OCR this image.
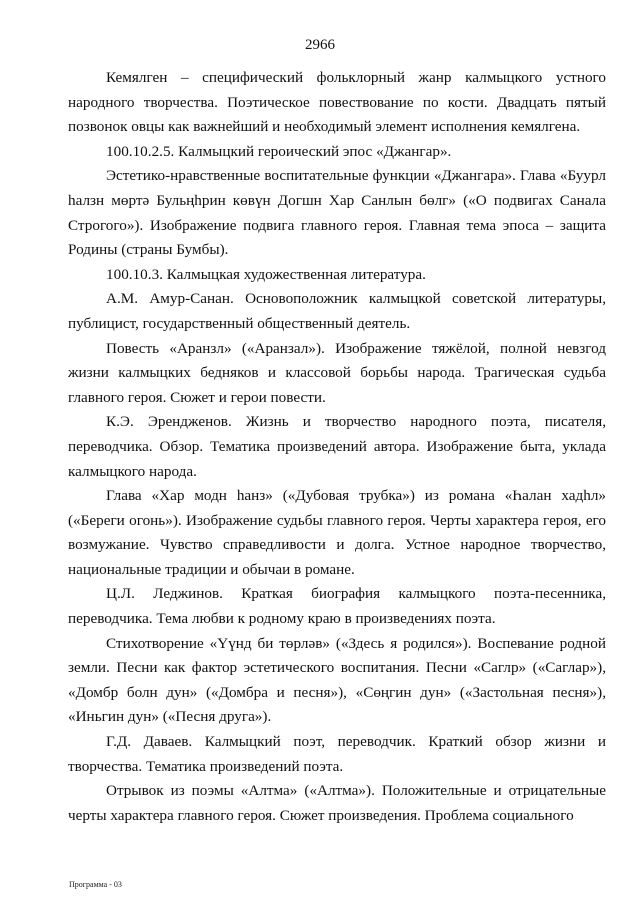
2966

Кемялген – специфический фольклорный жанр калмыцкого устного народного творчества. Поэтическое повествование по кости. Двадцать пятый позвонок овцы как важнейший и необходимый элемент исполнения кемялгена.

100.10.2.5. Калмыцкий героический эпос «Джангар».

Эстетико-нравственные воспитательные функции «Джангара». Глава «Буурл һалзн мөртә Бульңһрин көвүн Догшн Хар Санлын бөлг» («О подвигах Санала Строгого»). Изображение подвига главного героя. Главная тема эпоса – защита Родины (страны Бумбы).

100.10.3. Калмыцкая художественная литература.

А.М. Амур-Санан. Основоположник калмыцкой советской литературы, публицист, государственный общественный деятель.

Повесть «Аранзл» («Аранзал»). Изображение тяжёлой, полной невзгод жизни калмыцких бедняков и классовой борьбы народа. Трагическая судьба главного героя. Сюжет и герои повести.

К.Э. Эрендженов. Жизнь и творчество народного поэта, писателя, переводчика. Обзор. Тематика произведений автора. Изображение быта, уклада калмыцкого народа.

Глава «Хар модн һанз» («Дубовая трубка») из романа «Һалан хадһл» («Береги огонь»). Изображение судьбы главного героя. Черты характера героя, его возмужание. Чувство справедливости и долга. Устное народное творчество, национальные традиции и обычаи в романе.

Ц.Л. Леджинов. Краткая биография калмыцкого поэта-песенника, переводчика. Тема любви к родному краю в произведениях поэта.

Стихотворение «Үүнд би төрләв» («Здесь я родился»). Воспевание родной земли. Песни как фактор эстетического воспитания. Песни «Саглр» («Саглар»), «Домбр болн дун» («Домбра и песня»), «Сөңгин дун» («Застольная песня»), «Иньгин дун» («Песня друга»).

Г.Д. Даваев. Калмыцкий поэт, переводчик. Краткий обзор жизни и творчества. Тематика произведений поэта.

Отрывок из поэмы «Алтма» («Алтма»). Положительные и отрицательные черты характера главного героя. Сюжет произведения. Проблема социального

Программа - 03
